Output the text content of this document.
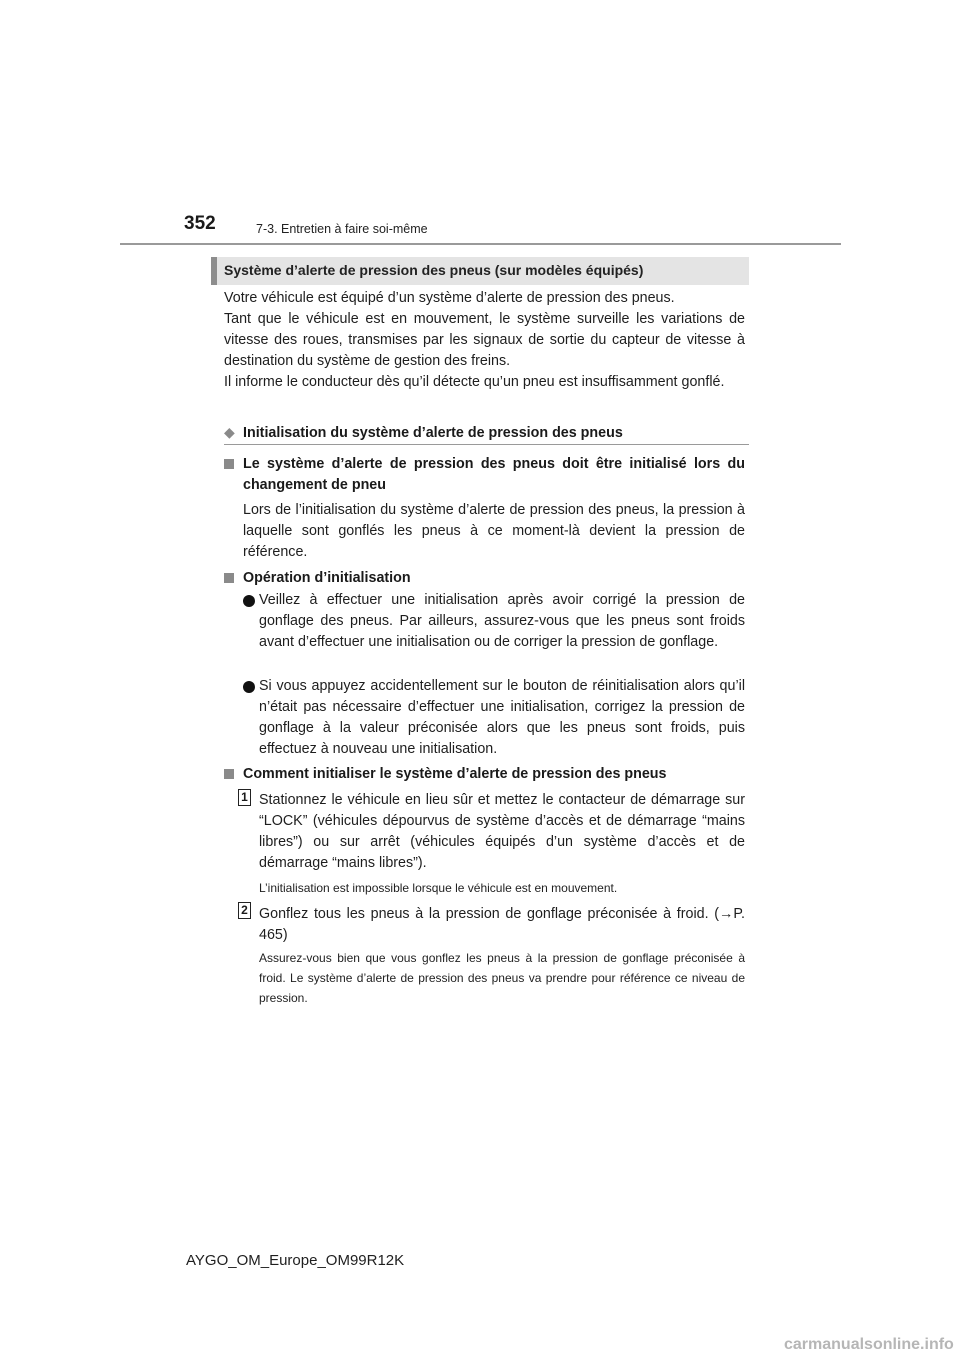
352	7-3. Entretien à faire soi-même
Système d’alerte de pression des pneus (sur modèles équipés)
Votre véhicule est équipé d’un système d’alerte de pression des pneus.
Tant que le véhicule est en mouvement, le système surveille les variations de vitesse des roues, transmises par les signaux de sortie du capteur de vitesse à destination du système de gestion des freins.
Il informe le conducteur dès qu’il détecte qu’un pneu est insuffisamment gonflé.
◆ Initialisation du système d’alerte de pression des pneus
Le système d’alerte de pression des pneus doit être initialisé lors du changement de pneu
Lors de l’initialisation du système d’alerte de pression des pneus, la pression à laquelle sont gonflés les pneus à ce moment-là devient la pression de référence.
Opération d’initialisation
Veillez à effectuer une initialisation après avoir corrigé la pression de gonflage des pneus. Par ailleurs, assurez-vous que les pneus sont froids avant d’effectuer une initialisation ou de corriger la pression de gonflage.
Si vous appuyez accidentellement sur le bouton de réinitialisation alors qu’il n’était pas nécessaire d’effectuer une initialisation, corrigez la pression de gonflage à la valeur préconisée alors que les pneus sont froids, puis effectuez à nouveau une initialisation.
Comment initialiser le système d’alerte de pression des pneus
1 Stationnez le véhicule en lieu sûr et mettez le contacteur de démarrage sur “LOCK” (véhicules dépourvus de système d’accès et de démarrage “mains libres”) ou sur arrêt (véhicules équipés d’un système d’accès et de démarrage “mains libres”).
L’initialisation est impossible lorsque le véhicule est en mouvement.
2 Gonflez tous les pneus à la pression de gonflage préconisée à froid. (→P. 465)
Assurez-vous bien que vous gonflez les pneus à la pression de gonflage préconisée à froid. Le système d’alerte de pression des pneus va prendre pour référence ce niveau de pression.
AYGO_OM_Europe_OM99R12K
carmanualsonline.info
